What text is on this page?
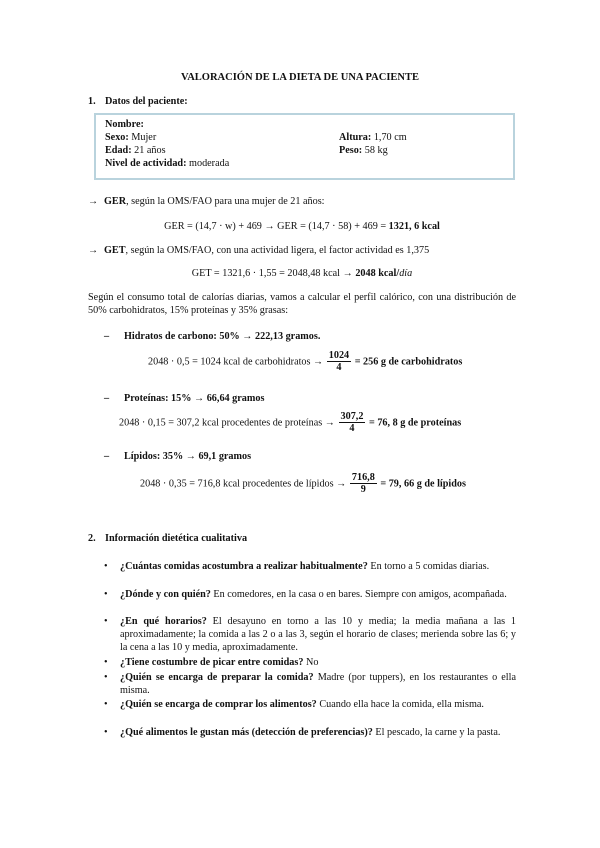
VALORACIÓN DE LA DIETA DE UNA PACIENTE
1. Datos del paciente:
Nombre:
Sexo: Mujer
Edad: 21 años
Nivel de actividad: moderada
Altura: 1,70 cm
Peso: 58 kg
→ GER, según la OMS/FAO para una mujer de 21 años:
GER = (14,7 · w) + 469 → GER = (14,7 · 58) + 469 = 1321, 6 kcal
→ GET, según la OMS/FAO, con una actividad ligera, el factor actividad es 1,375
GET = 1321,6 · 1,55 = 2048,48 kcal → 2048 kcal/día
Según el consumo total de calorías diarias, vamos a calcular el perfil calórico, con una distribución de 50% carbohidratos, 15% proteínas y 35% grasas:
– Hidratos de carbono: 50% → 222,13 gramos.
2048 · 0,5 = 1024 kcal de carbohidratos → $\frac{1024}{4} = 256$ g de carbohidratos
– Proteínas: 15% → 66,64 gramos
2048 · 0,15 = 307,2 kcal procedentes de proteínas → $\frac{307,2}{4} = 76$, 8 g de proteínas
– Lípidos: 35% → 69,1 gramos
2048 · 0,35 = 716,8 kcal procedentes de lípidos → $\frac{716,8}{9} = 79$, 66 g de lípidos
2. Información dietética cualitativa
• ¿Cuántas comidas acostumbra a realizar habitualmente? En torno a 5 comidas diarias.
• ¿Dónde y con quién? En comedores, en la casa o en bares. Siempre con amigos, acompañada.
• ¿En qué horarios? El desayuno en torno a las 10 y media; la media mañana a las 1 aproximadamente; la comida a las 2 o a las 3, según el horario de clases; merienda sobre las 6; y la cena a las 10 y media, aproximadamente.
• ¿Tiene costumbre de picar entre comidas? No
• ¿Quién se encarga de preparar la comida? Madre (por tuppers), en los restaurantes o ella misma.
• ¿Quién se encarga de comprar los alimentos? Cuando ella hace la comida, ella misma.
• ¿Qué alimentos le gustan más (detección de preferencias)? El pescado, la carne y la pasta.
